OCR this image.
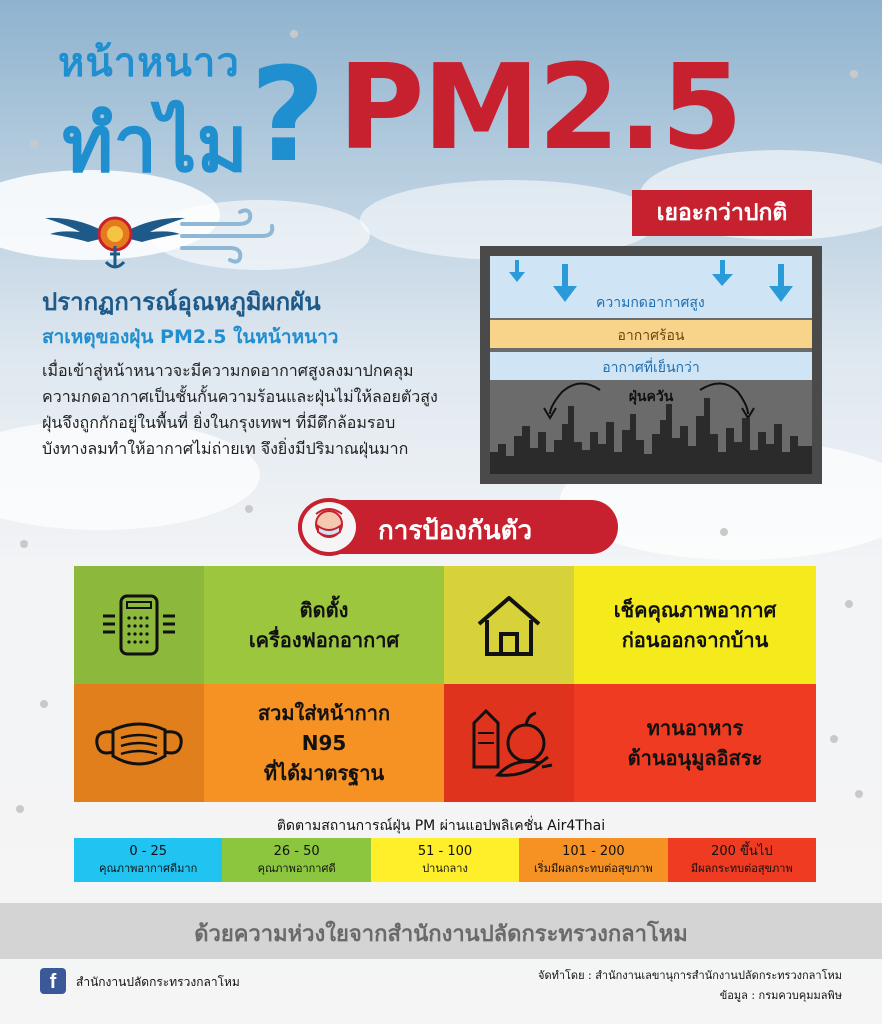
หน้าหนาว
ทำไม ? PM2.5
เยอะกว่าปกติ
ปรากฏการณ์อุณหภูมิผกผัน
สาเหตุของฝุ่น PM2.5 ในหน้าหนาว
เมื่อเข้าสู่หน้าหนาวจะมีความกดอากาศสูงลงมาปกคลุม
ความกดอากาศเป็นชั้นกั้นความร้อนและฝุ่นไม่ให้ลอยตัวสูง
ฝุ่นจึงถูกกักอยู่ในพื้นที่ ยิ่งในกรุงเทพฯ ที่มีตึกล้อมรอบ
บังทางลมทำให้อากาศไม่ถ่ายเท จึงยิ่งมีปริมาณฝุ่นมาก
ความกดอากาศสูง
อากาศร้อน
อากาศที่เย็นกว่า
ฝุ่นควัน
การป้องกันตัว
ติดตั้ง
เครื่องฟอกอากาศ
เช็คคุณภาพอากาศ
ก่อนออกจากบ้าน
สวมใส่หน้ากาก
N95
ที่ได้มาตรฐาน
ทานอาหาร
ต้านอนุมูลอิสระ
ติดตามสถานการณ์ฝุ่น PM ผ่านแอปพลิเคชั่น Air4Thai
0 - 25
คุณภาพอากาศดีมาก
26 - 50
คุณภาพอากาศดี
51 - 100
ปานกลาง
101 - 200
เริ่มมีผลกระทบต่อสุขภาพ
200 ขึ้นไป
มีผลกระทบต่อสุขภาพ
ด้วยความห่วงใยจากสำนักงานปลัดกระทรวงกลาโหม
f	สำนักงานปลัดกระทรวงกลาโหม	จัดทำโดย : สำนักงานเลขานุการสำนักงานปลัดกระทรวงกลาโหม
ข้อมูล : กรมควบคุมมลพิษ
